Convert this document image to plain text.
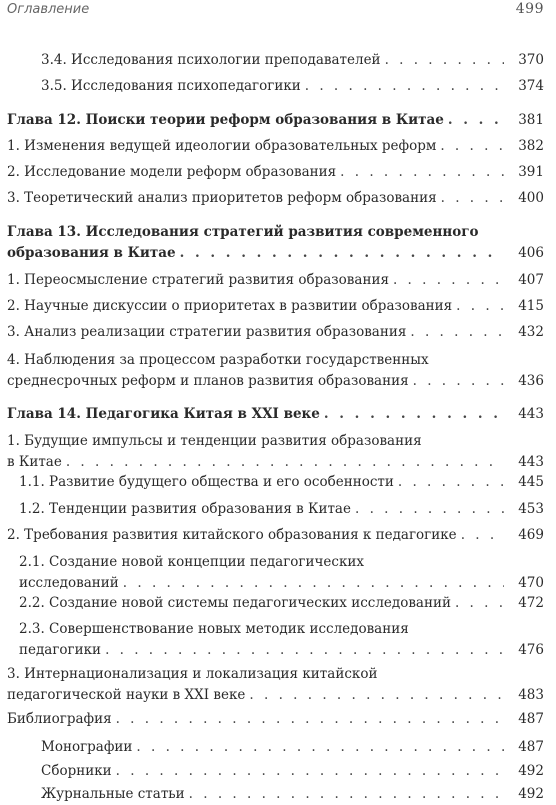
Оглавление	499
3.4. Исследования психологии преподавателей . . .	370
3.5. Исследования психопедагогики . . .	374
Глава 12. Поиски теории реформ образования в Китае . . .	381
1. Изменения ведущей идеологии образовательных реформ . . .	382
2. Исследование модели реформ образования . . .	391
3. Теоретический анализ приоритетов реформ образования . . .	400
Глава 13. Исследования стратегий развития современного
образования в Китае . . .	406
1. Переосмысление стратегий развития образования . . .	407
2. Научные дискуссии о приоритетах в развитии образования . . .	415
3. Анализ реализации стратегии развития образования . . .	432
4. Наблюдения за процессом разработки государственных
среднесрочных реформ и планов развития образования . . .	436
Глава 14. Педагогика Китая в XXI веке . . .	443
1. Будущие импульсы и тенденции развития образования
в Китае . . .	443
1.1. Развитие будущего общества и его особенности . . .	445
1.2. Тенденции развития образования в Китае . . .	453
2. Требования развития китайского образования к педагогике . . .	469
2.1. Создание новой концепции педагогических
исследований . . .	470
2.2. Создание новой системы педагогических исследований . . .	472
2.3. Совершенствование новых методик исследования
педагогики . . .	476
3. Интернационализация и локализация китайской
педагогической науки в XXI веке . . .	483
Библиография . . .	487
Монографии . . .	487
Сборники . . .	492
Журнальные статьи . . .	492
